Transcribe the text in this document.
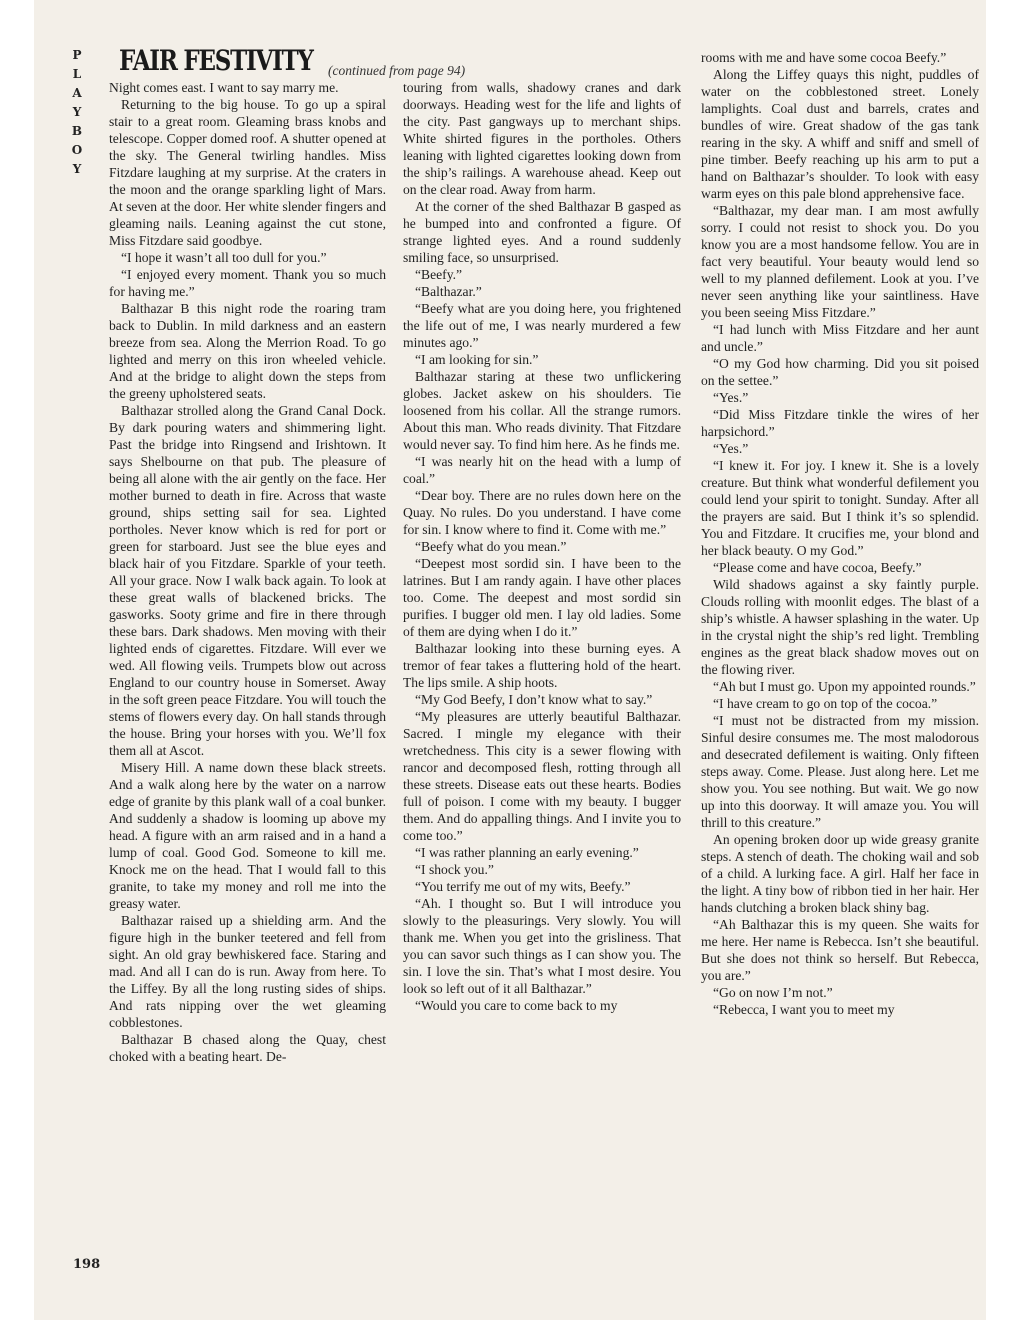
P
L
A
Y
B
O
Y
FAIR FESTIVITY (continued from page 94)

Night comes east. I want to say marry me.

Returning to the big house. To go up a spiral stair to a great room. Gleaming brass knobs and telescope. Copper domed roof. A shutter opened at the sky. The General twirling handles. Miss Fitzdare laughing at my surprise. At the craters in the moon and the orange sparkling light of Mars. At seven at the door. Her white slender fingers and gleaming nails. Leaning against the cut stone, Miss Fitzdare said goodbye.

“I hope it wasn’t all too dull for you.”

“I enjoyed every moment. Thank you so much for having me.”

Balthazar B this night rode the roaring tram back to Dublin. In mild darkness and an eastern breeze from sea. Along the Merrion Road. To go lighted and merry on this iron wheeled vehicle. And at the bridge to alight down the steps from the greeny upholstered seats.

Balthazar strolled along the Grand Canal Dock. By dark pouring waters and shimmering light. Past the bridge into Ringsend and Irishtown. It says Shelbourne on that pub. The pleasure of being all alone with the air gently on the face. Her mother burned to death in fire. Across that waste ground, ships setting sail for sea. Lighted portholes. Never know which is red for port or green for starboard. Just see the blue eyes and black hair of you Fitzdare. Sparkle of your teeth. All your grace. Now I walk back again. To look at these great walls of blackened bricks. The gasworks. Sooty grime and fire in there through these bars. Dark shadows. Men moving with their lighted ends of cigarettes. Fitzdare. Will ever we wed. All flowing veils. Trumpets blow out across England to our country house in Somerset. Away in the soft green peace Fitzdare. You will touch the stems of flowers every day. On hall stands through the house. Bring your horses with you. We’ll fox them all at Ascot.

Misery Hill. A name down these black streets. And a walk along here by the water on a narrow edge of granite by this plank wall of a coal bunker. And suddenly a shadow is looming up above my head. A figure with an arm raised and in a hand a lump of coal. Good God. Someone to kill me. Knock me on the head. That I would fall to this granite, to take my money and roll me into the greasy water.

Balthazar raised up a shielding arm. And the figure high in the bunker teetered and fell from sight. An old gray bewhiskered face. Staring and mad. And all I can do is run. Away from here. To the Liffey. By all the long rusting sides of ships. And rats nipping over the wet gleaming cobblestones.

Balthazar B chased along the Quay, chest choked with a beating heart. De-

touring from walls, shadowy cranes and dark doorways. Heading west for the life and lights of the city. Past gangways up to merchant ships. White shirted figures in the portholes. Others leaning with lighted cigarettes looking down from the ship’s railings. A warehouse ahead. Keep out on the clear road. Away from harm.

At the corner of the shed Balthazar B gasped as he bumped into and confronted a figure. Of strange lighted eyes. And a round suddenly smiling face, so unsurprised.

“Beefy.”

“Balthazar.”

“Beefy what are you doing here, you frightened the life out of me, I was nearly murdered a few minutes ago.”

“I am looking for sin.”

Balthazar staring at these two unflickering globes. Jacket askew on his shoulders. Tie loosened from his collar. All the strange rumors. About this man. Who reads divinity. That Fitzdare would never say. To find him here. As he finds me.

“I was nearly hit on the head with a lump of coal.”

“Dear boy. There are no rules down here on the Quay. No rules. Do you understand. I have come for sin. I know where to find it. Come with me.”

“Beefy what do you mean.”

“Deepest most sordid sin. I have been to the latrines. But I am randy again. I have other places too. Come. The deepest and most sordid sin purifies. I bugger old men. I lay old ladies. Some of them are dying when I do it.”

Balthazar looking into these burning eyes. A tremor of fear takes a fluttering hold of the heart. The lips smile. A ship hoots.

“My God Beefy, I don’t know what to say.”

“My pleasures are utterly beautiful Balthazar. Sacred. I mingle my elegance with their wretchedness. This city is a sewer flowing with rancor and decomposed flesh, rotting through all these streets. Disease eats out these hearts. Bodies full of poison. I come with my beauty. I bugger them. And do appalling things. And I invite you to come too.”

“I was rather planning an early evening.”

“I shock you.”

“You terrify me out of my wits, Beefy.”

“Ah. I thought so. But I will introduce you slowly to the pleasurings. Very slowly. You will thank me. When you get into the grisliness. That you can savor such things as I can show you. The sin. I love the sin. That’s what I most desire. You look so left out of it all Balthazar.”

“Would you care to come back to my

rooms with me and have some cocoa Beefy.”

Along the Liffey quays this night, puddles of water on the cobblestoned street. Lonely lamplights. Coal dust and barrels, crates and bundles of wire. Great shadow of the gas tank rearing in the sky. A whiff and sniff and smell of pine timber. Beefy reaching up his arm to put a hand on Balthazar’s shoulder. To look with easy warm eyes on this pale blond apprehensive face.

“Balthazar, my dear man. I am most awfully sorry. I could not resist to shock you. Do you know you are a most handsome fellow. You are in fact very beautiful. Your beauty would lend so well to my planned defilement. Look at you. I’ve never seen anything like your saintliness. Have you been seeing Miss Fitzdare.”

“I had lunch with Miss Fitzdare and her aunt and uncle.”

“O my God how charming. Did you sit poised on the settee.”

“Yes.”

“Did Miss Fitzdare tinkle the wires of her harpsichord.”

“Yes.”

“I knew it. For joy. I knew it. She is a lovely creature. But think what wonderful defilement you could lend your spirit to tonight. Sunday. After all the prayers are said. But I think it’s so splendid. You and Fitzdare. It crucifies me, your blond and her black beauty. O my God.”

“Please come and have cocoa, Beefy.”

Wild shadows against a sky faintly purple. Clouds rolling with moonlit edges. The blast of a ship’s whistle. A hawser splashing in the water. Up in the crystal night the ship’s red light. Trembling engines as the great black shadow moves out on the flowing river.

“Ah but I must go. Upon my appointed rounds.”

“I have cream to go on top of the cocoa.”

“I must not be distracted from my mission. Sinful desire consumes me. The most malodorous and desecrated defilement is waiting. Only fifteen steps away. Come. Please. Just along here. Let me show you. You see nothing. But wait. We go now up into this doorway. It will amaze you. You will thrill to this creature.”

An opening broken door up wide greasy granite steps. A stench of death. The choking wail and sob of a child. A lurking face. A girl. Half her face in the light. A tiny bow of ribbon tied in her hair. Her hands clutching a broken black shiny bag.

“Ah Balthazar this is my queen. She waits for me here. Her name is Rebecca. Isn’t she beautiful. But she does not think so herself. But Rebecca, you are.”

“Go on now I’m not.”

“Rebecca, I want you to meet my

198
